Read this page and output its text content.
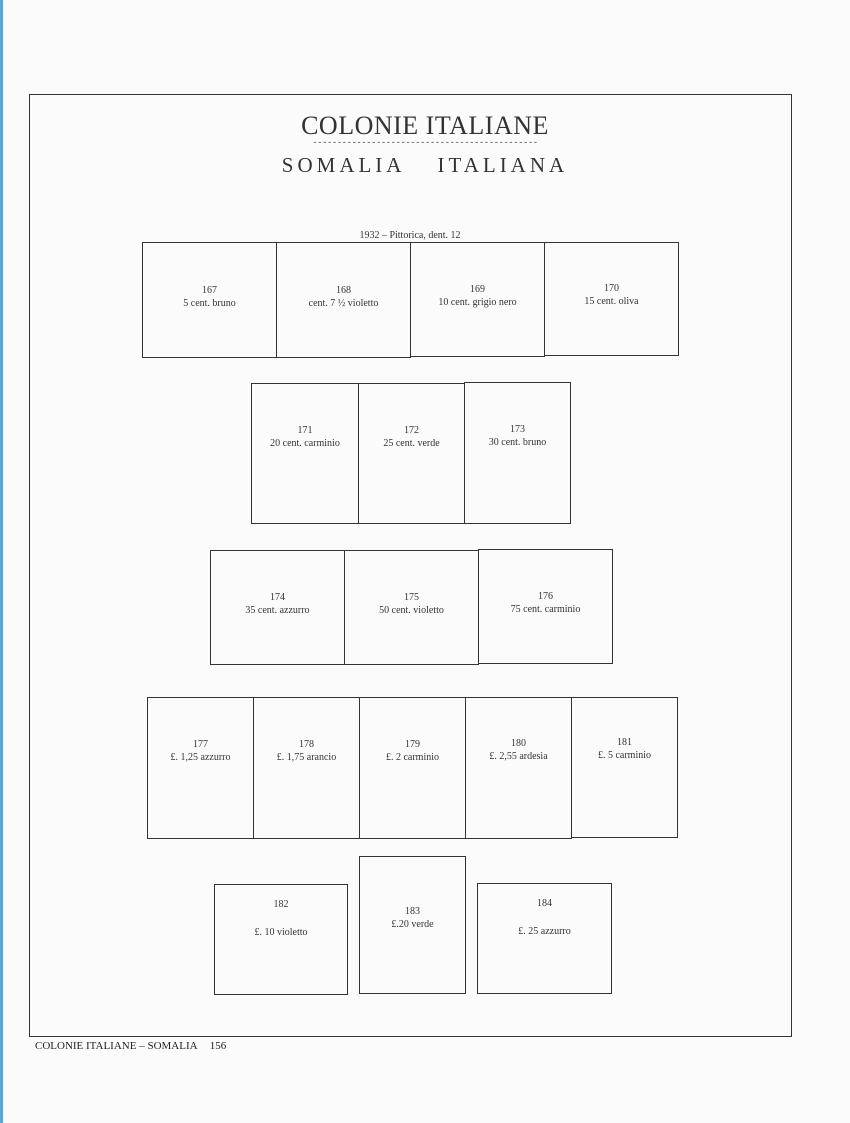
COLONIE ITALIANE
----------------------------------------------
SOMALIA ITALIANA
1932 – Pittorica, dent. 12
167
5 cent. bruno
168
cent. 7 ½ violetto
169
10 cent. grigio nero
170
15 cent. oliva
171
20 cent. carminio
172
25 cent. verde
173
30 cent. bruno
174
35 cent. azzurro
175
50 cent. violetto
176
75 cent. carminio
177
£. 1,25 azzurro
178
£. 1,75 arancio
179
£. 2 carminio
180
£. 2,55 ardesia
181
£. 5 carminio
182
£. 10 violetto
183
£.20 verde
184
£. 25 azzurro
COLONIE ITALIANE – SOMALIA 156
